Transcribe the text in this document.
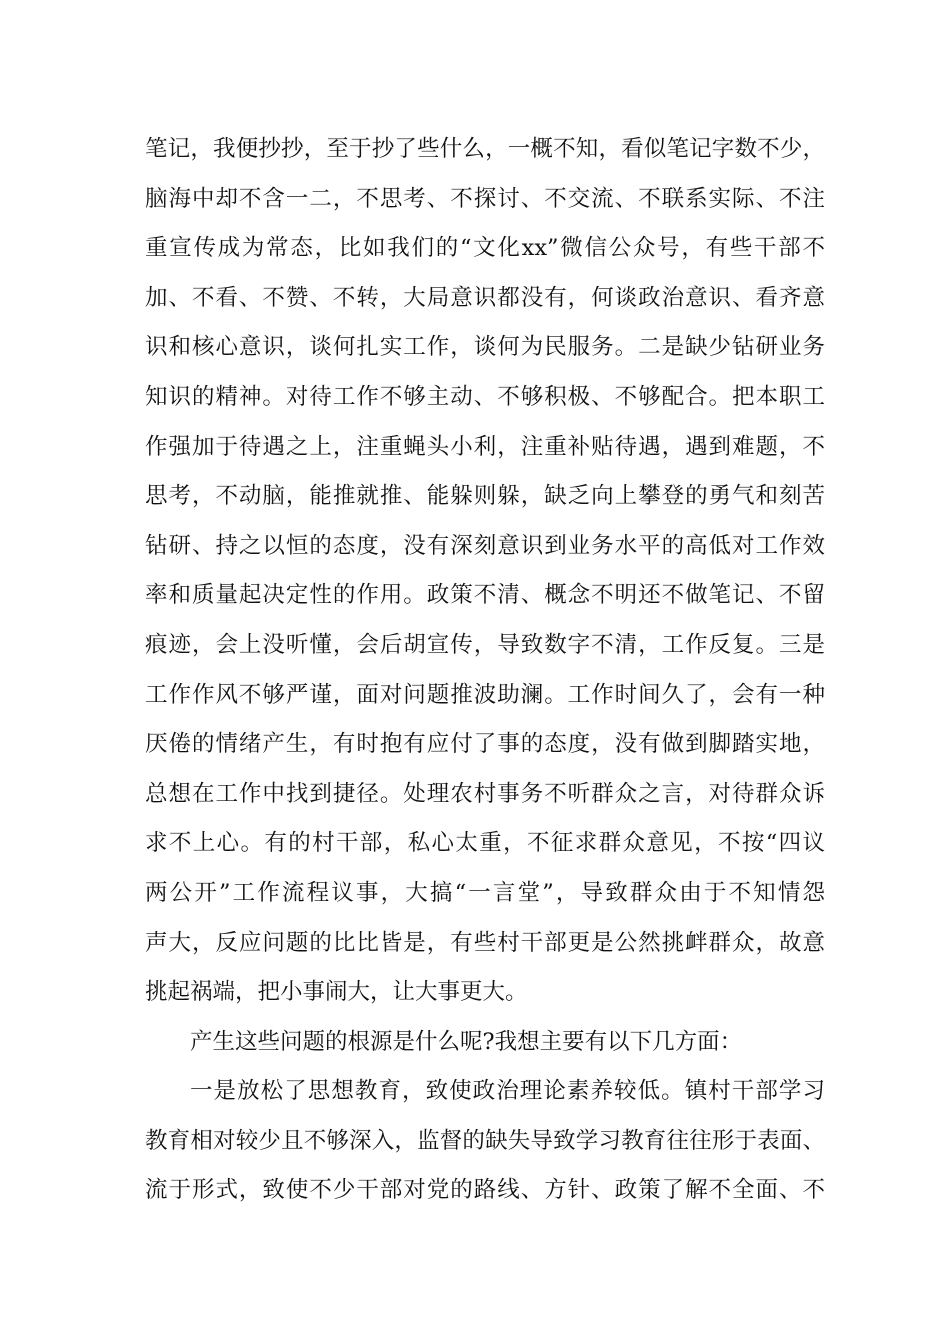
笔记，我便抄抄，至于抄了些什么，一概不知，看似笔记字数不少，
脑海中却不含一二，不思考、不探讨、不交流、不联系实际、不注
重宣传成为常态，比如我们的“文化xx”微信公众号，有些干部不
加、不看、不赞、不转，大局意识都没有，何谈政治意识、看齐意
识和核心意识，谈何扎实工作，谈何为民服务。二是缺少钻研业务
知识的精神。对待工作不够主动、不够积极、不够配合。把本职工
作强加于待遇之上，注重蝇头小利，注重补贴待遇，遇到难题，不
思考，不动脑，能推就推、能躲则躲，缺乏向上攀登的勇气和刻苦
钻研、持之以恒的态度，没有深刻意识到业务水平的高低对工作效
率和质量起决定性的作用。政策不清、概念不明还不做笔记、不留
痕迹，会上没听懂，会后胡宣传，导致数字不清，工作反复。三是
工作作风不够严谨，面对问题推波助澜。工作时间久了，会有一种
厌倦的情绪产生，有时抱有应付了事的态度，没有做到脚踏实地，
总想在工作中找到捷径。处理农村事务不听群众之言，对待群众诉
求不上心。有的村干部，私心太重，不征求群众意见，不按“四议
两公开”工作流程议事，大搞“一言堂”，导致群众由于不知情怨
声大，反应问题的比比皆是，有些村干部更是公然挑衅群众，故意
挑起祸端，把小事闹大，让大事更大。
产生这些问题的根源是什么呢?我想主要有以下几方面：
一是放松了思想教育，致使政治理论素养较低。镇村干部学习
教育相对较少且不够深入，监督的缺失导致学习教育往往形于表面、
流于形式，致使不少干部对党的路线、方针、政策了解不全面、不
